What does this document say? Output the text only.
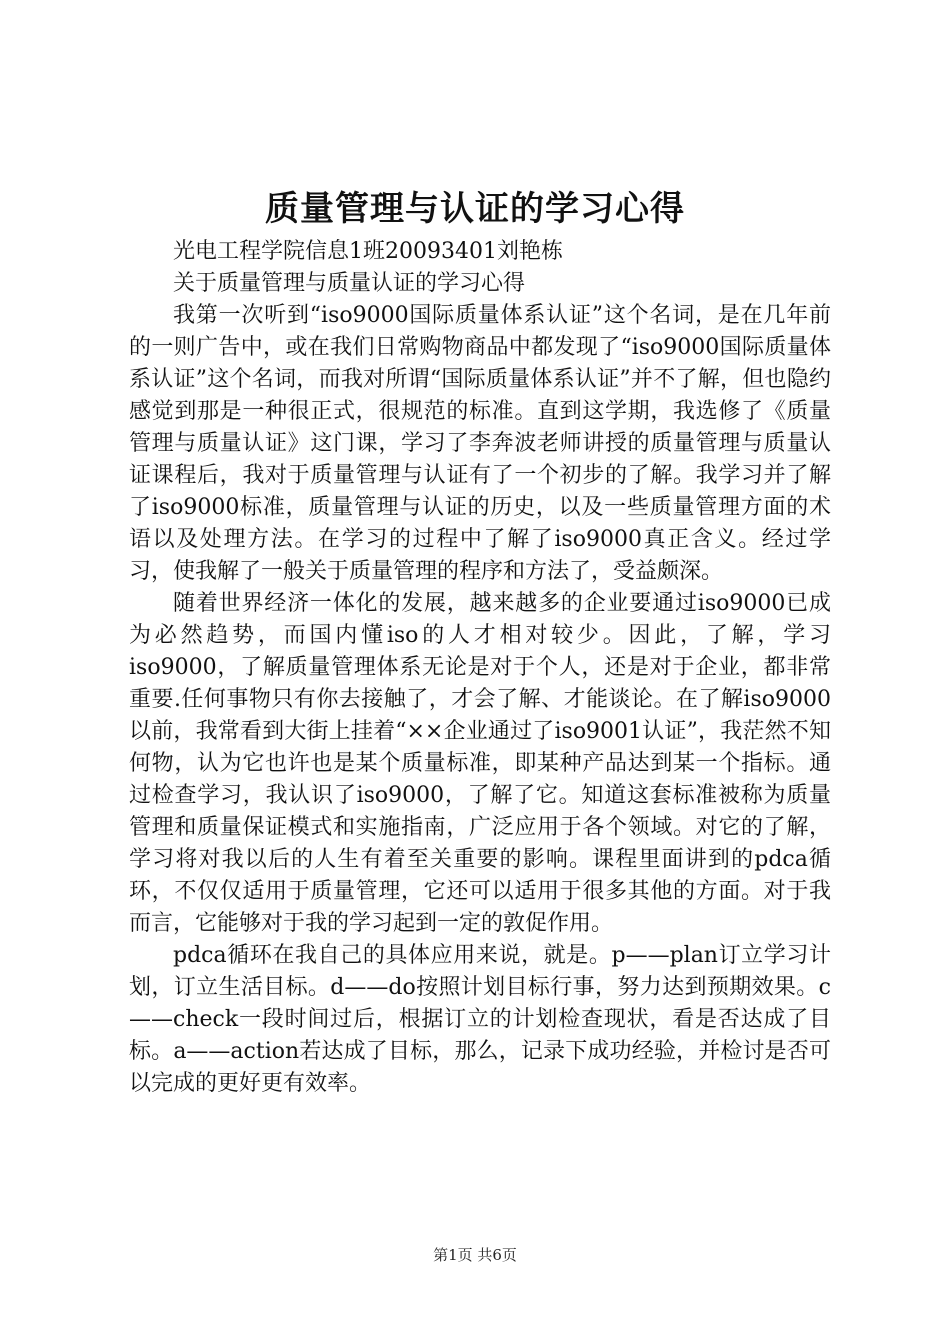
质量管理与认证的学习心得

光电工程学院信息1班20093401刘艳栋

关于质量管理与质量认证的学习心得

我第一次听到“iso9000国际质量体系认证”这个名词，是在几年前的一则广告中，或在我们日常购物商品中都发现了“iso9000国际质量体系认证”这个名词，而我对所谓“国际质量体系认证”并不了解，但也隐约感觉到那是一种很正式，很规范的标准。直到这学期，我选修了《质量管理与质量认证》这门课，学习了李奔波老师讲授的质量管理与质量认证课程后，我对于质量管理与认证有了一个初步的了解。我学习并了解了iso9000标准，质量管理与认证的历史，以及一些质量管理方面的术语以及处理方法。在学习的过程中了解了iso9000真正含义。经过学习，使我解了一般关于质量管理的程序和方法了，受益颇深。

随着世界经济一体化的发展，越来越多的企业要通过iso9000已成为必然趋势，而国内懂iso的人才相对较少。因此，了解，学习iso9000，了解质量管理体系无论是对于个人，还是对于企业，都非常重要.任何事物只有你去接触了，才会了解、才能谈论。在了解iso9000以前，我常看到大街上挂着“××企业通过了iso9001认证”，我茫然不知何物，认为它也许也是某个质量标准，即某种产品达到某一个指标。通过检查学习，我认识了iso9000，了解了它。知道这套标准被称为质量管理和质量保证模式和实施指南，广泛应用于各个领域。对它的了解，学习将对我以后的人生有着至关重要的影响。课程里面讲到的pdca循环，不仅仅适用于质量管理，它还可以适用于很多其他的方面。对于我而言，它能够对于我的学习起到一定的敦促作用。

pdca循环在我自己的具体应用来说，就是。p——plan订立学习计划，订立生活目标。d——do按照计划目标行事，努力达到预期效果。c——check一段时间过后，根据订立的计划检查现状，看是否达成了目标。a——action若达成了目标，那么，记录下成功经验，并检讨是否可以完成的更好更有效率。

第1页 共6页
